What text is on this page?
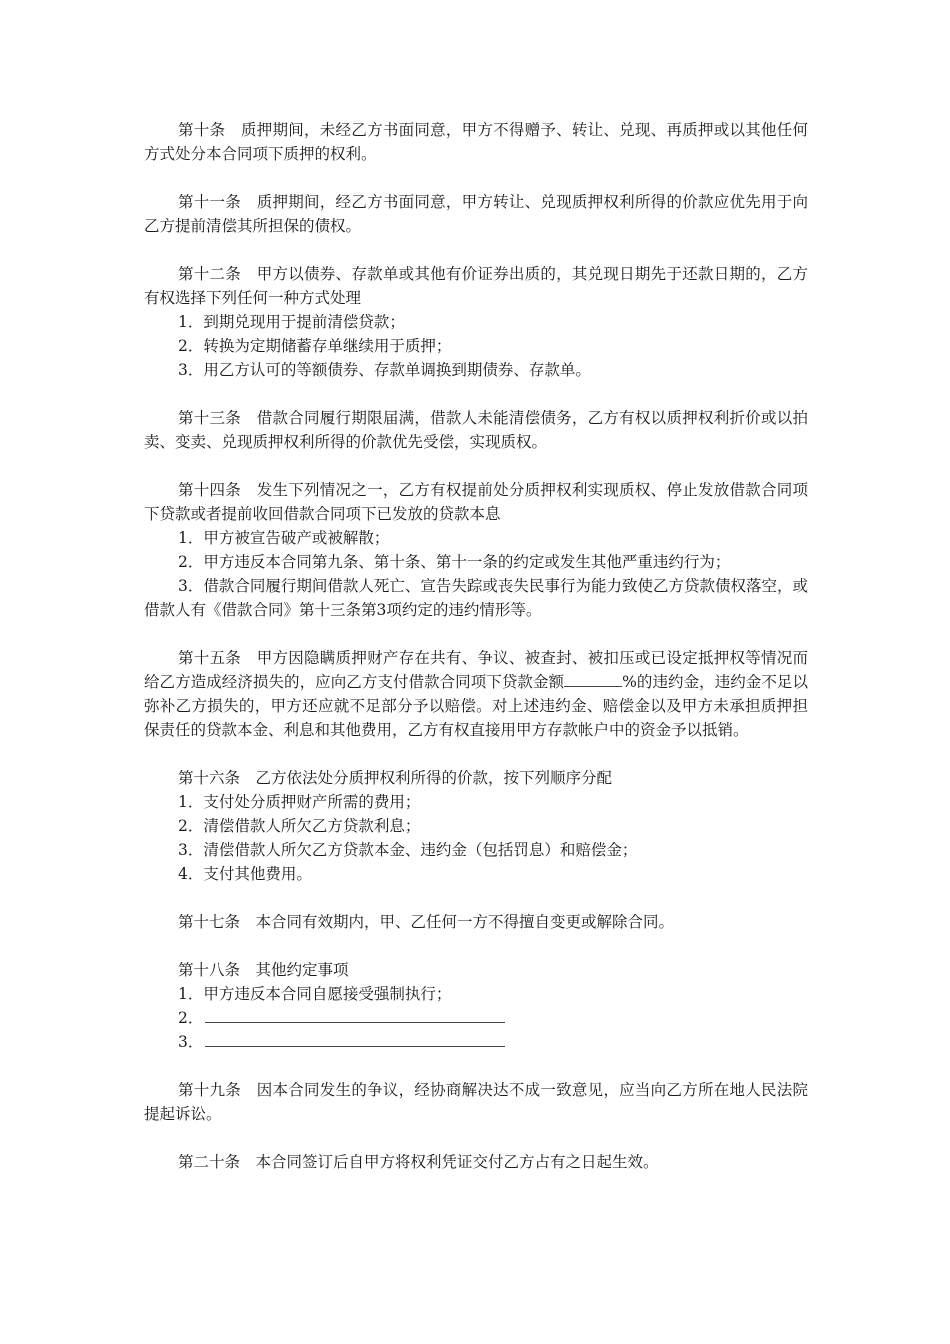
第十条　质押期间，未经乙方书面同意，甲方不得赠予、转让、兑现、再质押或以其他任何方式处分本合同项下质押的权利。

第十一条　质押期间，经乙方书面同意，甲方转让、兑现质押权利所得的价款应优先用于向乙方提前清偿其所担保的债权。

第十二条　甲方以债券、存款单或其他有价证券出质的，其兑现日期先于还款日期的，乙方有权选择下列任何一种方式处理

1．到期兑现用于提前清偿贷款；

2．转换为定期储蓄存单继续用于质押；

3．用乙方认可的等额债券、存款单调换到期债券、存款单。

第十三条　借款合同履行期限届满，借款人未能清偿债务，乙方有权以质押权利折价或以拍卖、变卖、兑现质押权利所得的价款优先受偿，实现质权。

第十四条　发生下列情况之一，乙方有权提前处分质押权利实现质权、停止发放借款合同项下贷款或者提前收回借款合同项下已发放的贷款本息

1．甲方被宣告破产或被解散；

2．甲方违反本合同第九条、第十条、第十一条的约定或发生其他严重违约行为；

3．借款合同履行期间借款人死亡、宣告失踪或丧失民事行为能力致使乙方贷款债权落空，或借款人有《借款合同》第十三条第3项约定的违约情形等。

第十五条　甲方因隐瞒质押财产存在共有、争议、被查封、被扣压或已设定抵押权等情况而给乙方造成经济损失的，应向乙方支付借款合同项下贷款金额	%的违约金，违约金不足以弥补乙方损失的，甲方还应就不足部分予以赔偿。对上述违约金、赔偿金以及甲方未承担质押担保责任的贷款本金、利息和其他费用，乙方有权直接用甲方存款帐户中的资金予以抵销。

第十六条　乙方依法处分质押权利所得的价款，按下列顺序分配

1．支付处分质押财产所需的费用；

2．清偿借款人所欠乙方贷款利息；

3．清偿借款人所欠乙方贷款本金、违约金（包括罚息）和赔偿金；

4．支付其他费用。

第十七条　本合同有效期内，甲、乙任何一方不得擅自变更或解除合同。

第十八条　其他约定事项

1．甲方违反本合同自愿接受强制执行；

2．

3．

第十九条　因本合同发生的争议，经协商解决达不成一致意见，应当向乙方所在地人民法院提起诉讼。

第二十条　本合同签订后自甲方将权利凭证交付乙方占有之日起生效。
